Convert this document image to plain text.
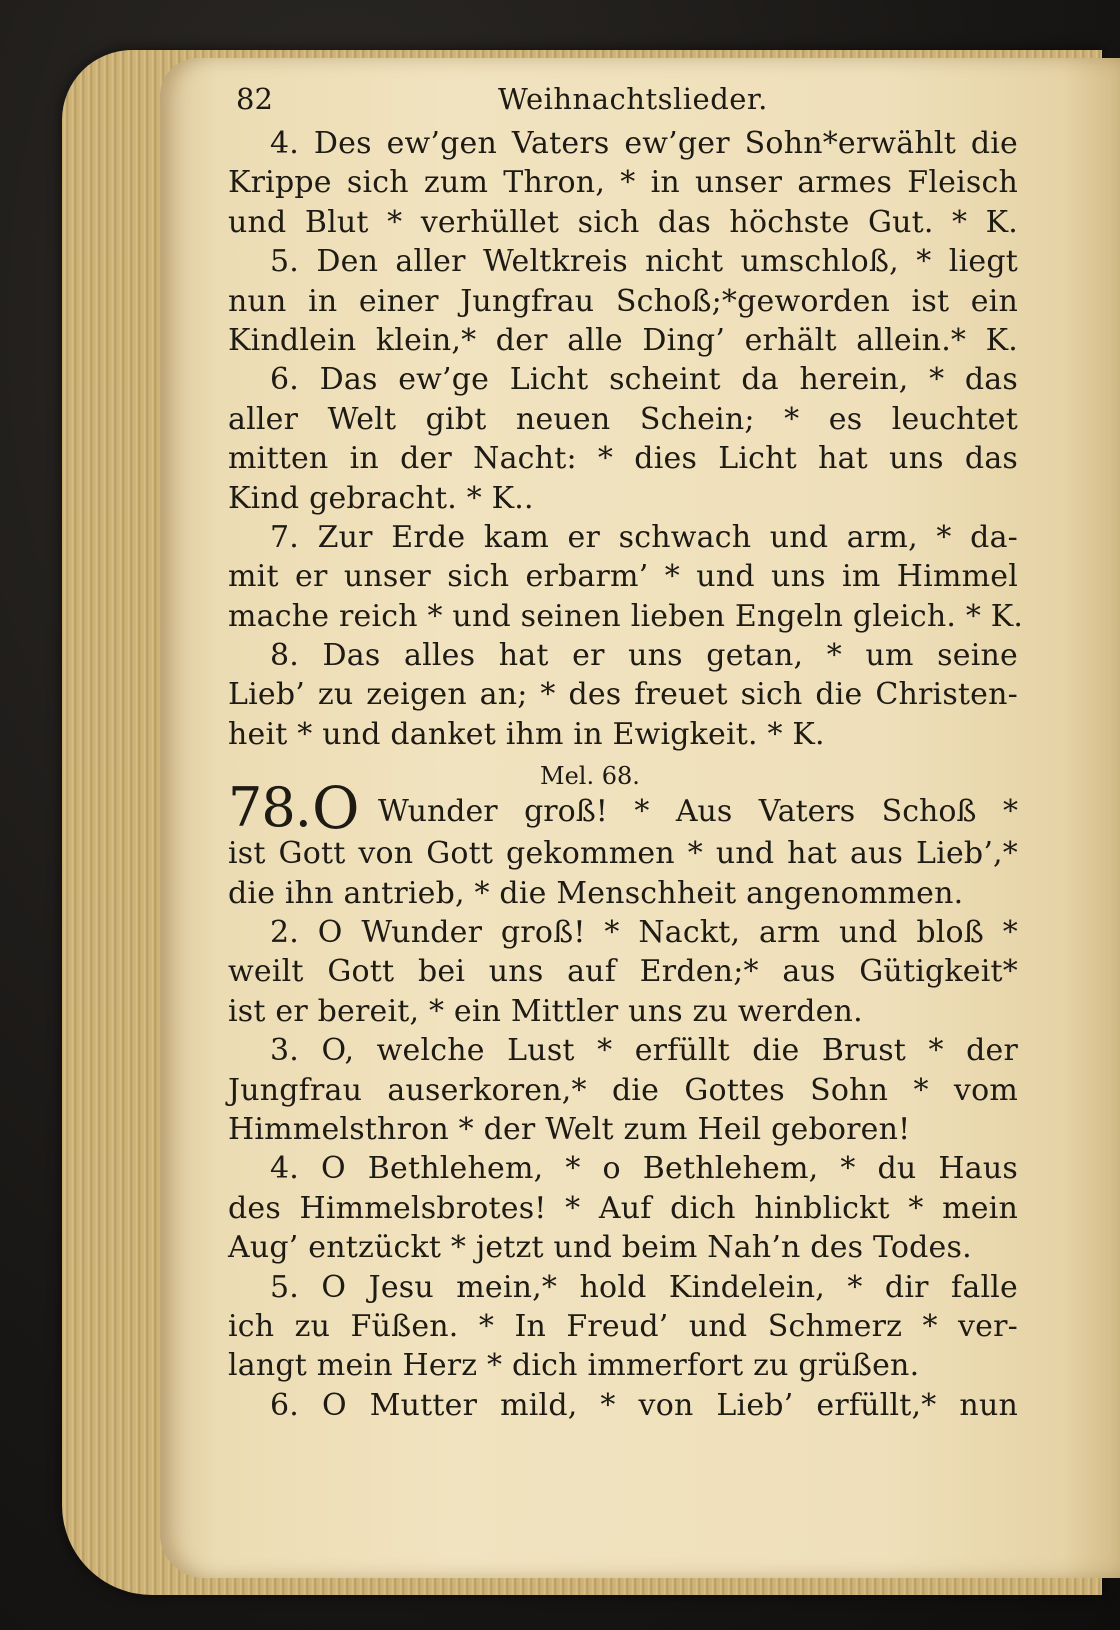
82	Weihnachtslieder.
4. Des ew’gen Vaters ew’ger Sohn*erwählt die
Krippe sich zum Thron, * in unser armes Fleisch
und Blut * verhüllet sich das höchste Gut. * K.
5. Den aller Weltkreis nicht umschloß, * liegt
nun in einer Jungfrau Schoß;*geworden ist ein
Kindlein klein,* der alle Ding’ erhält allein.* K.
6. Das ew’ge Licht scheint da herein, * das
aller Welt gibt neuen Schein; * es leuchtet
mitten in der Nacht: * dies Licht hat uns das
Kind gebracht. * K..
7. Zur Erde kam er schwach und arm, * da-
mit er unser sich erbarm’ * und uns im Himmel
mache reich * und seinen lieben Engeln gleich. * K.
8. Das alles hat er uns getan, * um seine
Lieb’ zu zeigen an; * des freuet sich die Christen-
heit * und danket ihm in Ewigkeit. * K.
Mel. 68.
78. O Wunder groß! * Aus Vaters Schoß *
ist Gott von Gott gekommen * und hat aus Lieb’,*
die ihn antrieb, * die Menschheit angenommen.
2. O Wunder groß! * Nackt, arm und bloß *
weilt Gott bei uns auf Erden;* aus Gütigkeit*
ist er bereit, * ein Mittler uns zu werden.
3. O, welche Lust * erfüllt die Brust * der
Jungfrau auserkoren,* die Gottes Sohn * vom
Himmelsthron * der Welt zum Heil geboren!
4. O Bethlehem, * o Bethlehem, * du Haus
des Himmelsbrotes! * Auf dich hinblickt * mein
Aug’ entzückt * jetzt und beim Nah’n des Todes.
5. O Jesu mein,* hold Kindelein, * dir falle
ich zu Füßen. * In Freud’ und Schmerz * ver-
langt mein Herz * dich immerfort zu grüßen.
6. O Mutter mild, * von Lieb’ erfüllt,* nun
